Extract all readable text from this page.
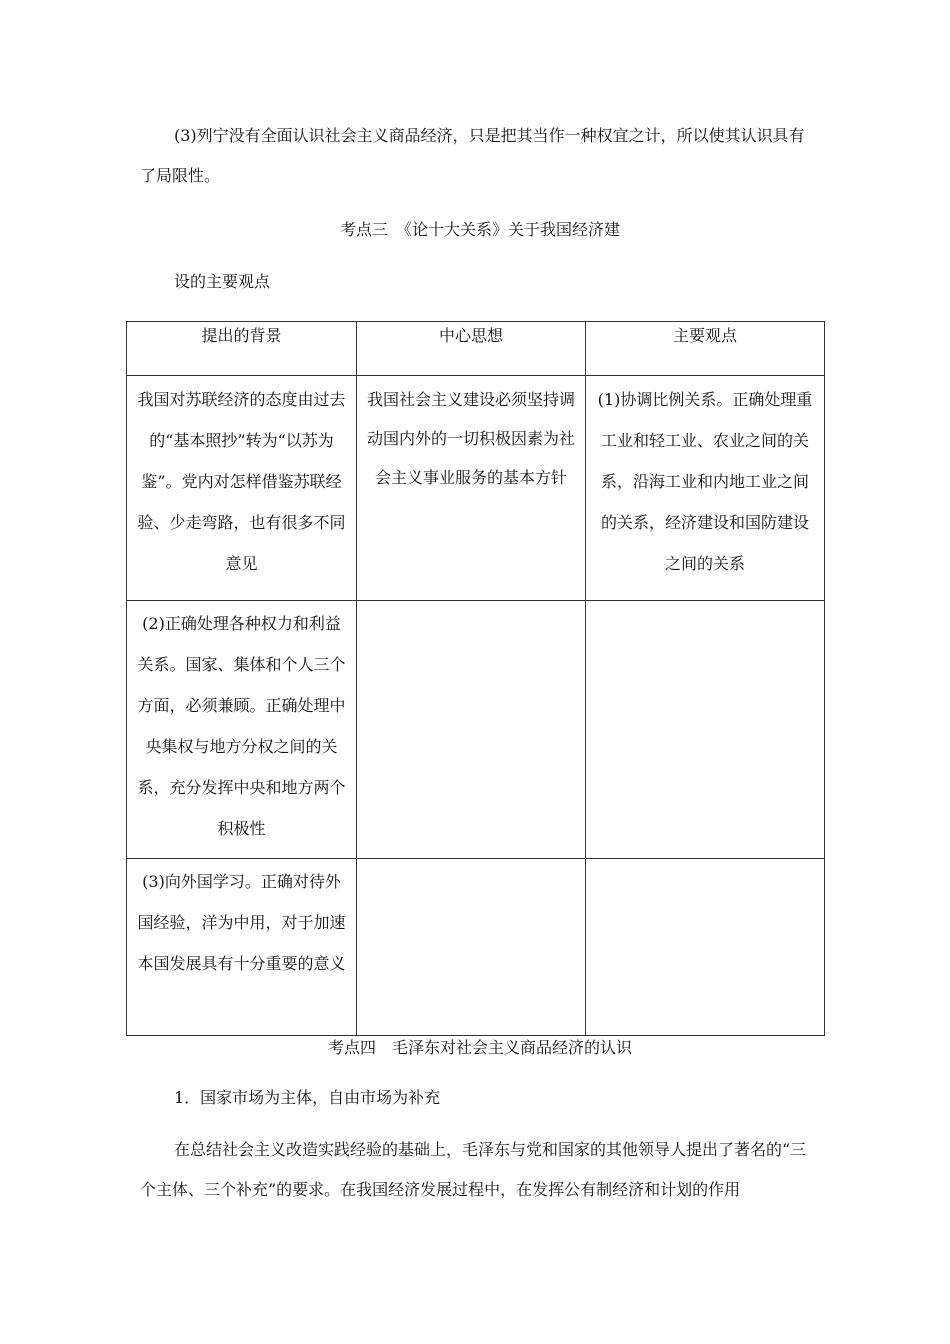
(3)列宁没有全面认识社会主义商品经济，只是把其当作一种权宜之计，所以使其认识具有了局限性。

考点三　《论十大关系》关于我国经济建
设的主要观点
提出的背景	中心思想	主要观点
我国对苏联经济的态度由过去的“基本照抄”转为“以苏为鉴”。党内对怎样借鉴苏联经验、少走弯路，也有很多不同意见	我国社会主义建设必须坚持调动国内外的一切积极因素为社会主义事业服务的基本方针	(1)协调比例关系。正确处理重工业和轻工业、农业之间的关系，沿海工业和内地工业之间的关系，经济建设和国防建设之间的关系
(2)正确处理各种权力和利益关系。国家、集体和个人三个方面，必须兼顾。正确处理中央集权与地方分权之间的关系，充分发挥中央和地方两个积极性		
(3)向外国学习。正确对待外国经验，洋为中用，对于加速本国发展具有十分重要的意义		
考点四　毛泽东对社会主义商品经济的认识
1．国家市场为主体，自由市场为补充

在总结社会主义改造实践经验的基础上，毛泽东与党和国家的其他领导人提出了著名的“三个主体、三个补充”的要求。在我国经济发展过程中，在发挥公有制经济和计划的作用
